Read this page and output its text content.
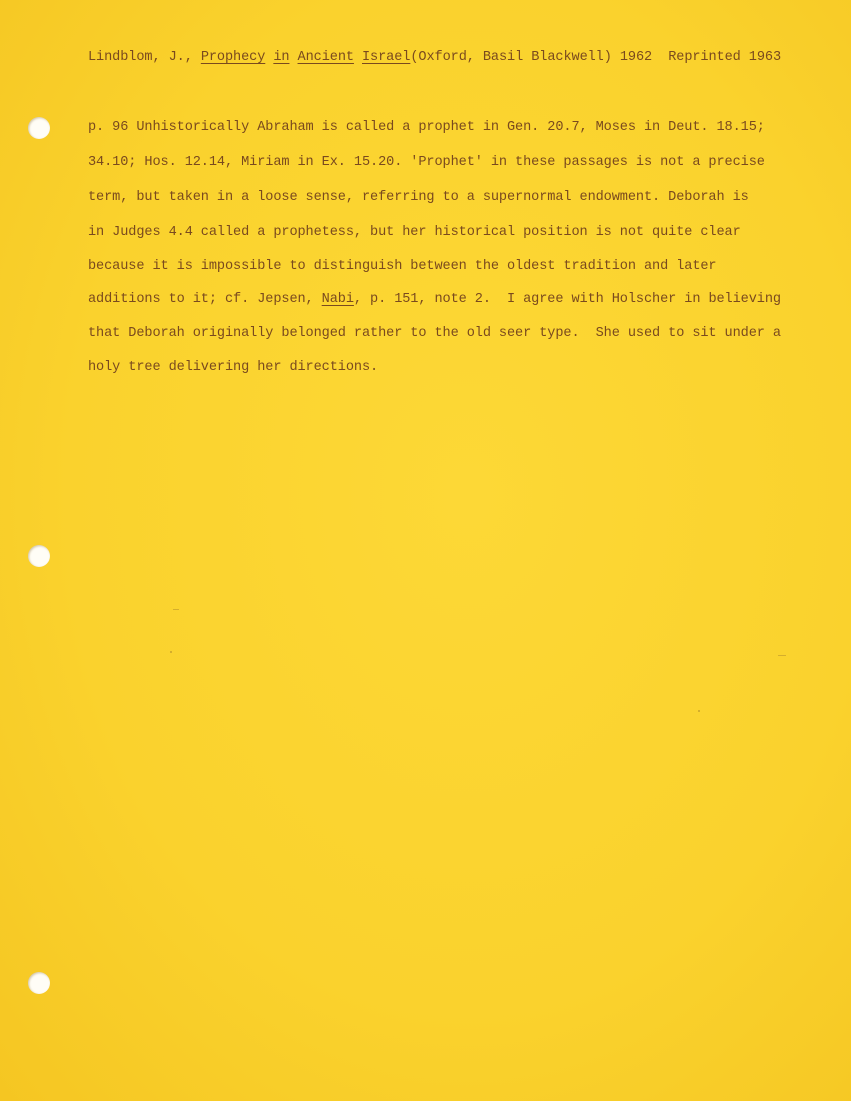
Lindblom, J., Prophecy in Ancient Israel(Oxford, Basil Blackwell) 1962  Reprinted 1963
p. 96 Unhistorically Abraham is called a prophet in Gen. 20.7, Moses in Deut. 18.15;
34.10; Hos. 12.14, Miriam in Ex. 15.20. 'Prophet' in these passages is not a precise
term, but taken in a loose sense, referring to a supernormal endowment. Deborah is
in Judges 4.4 called a prophetess, but her historical position is not quite clear
because it is impossible to distinguish between the oldest tradition and later
additions to it; cf. Jepsen, Nabi, p. 151, note 2.  I agree with Holscher in believing
that Deborah originally belonged rather to the old seer type.  She used to sit under a
holy tree delivering her directions.
